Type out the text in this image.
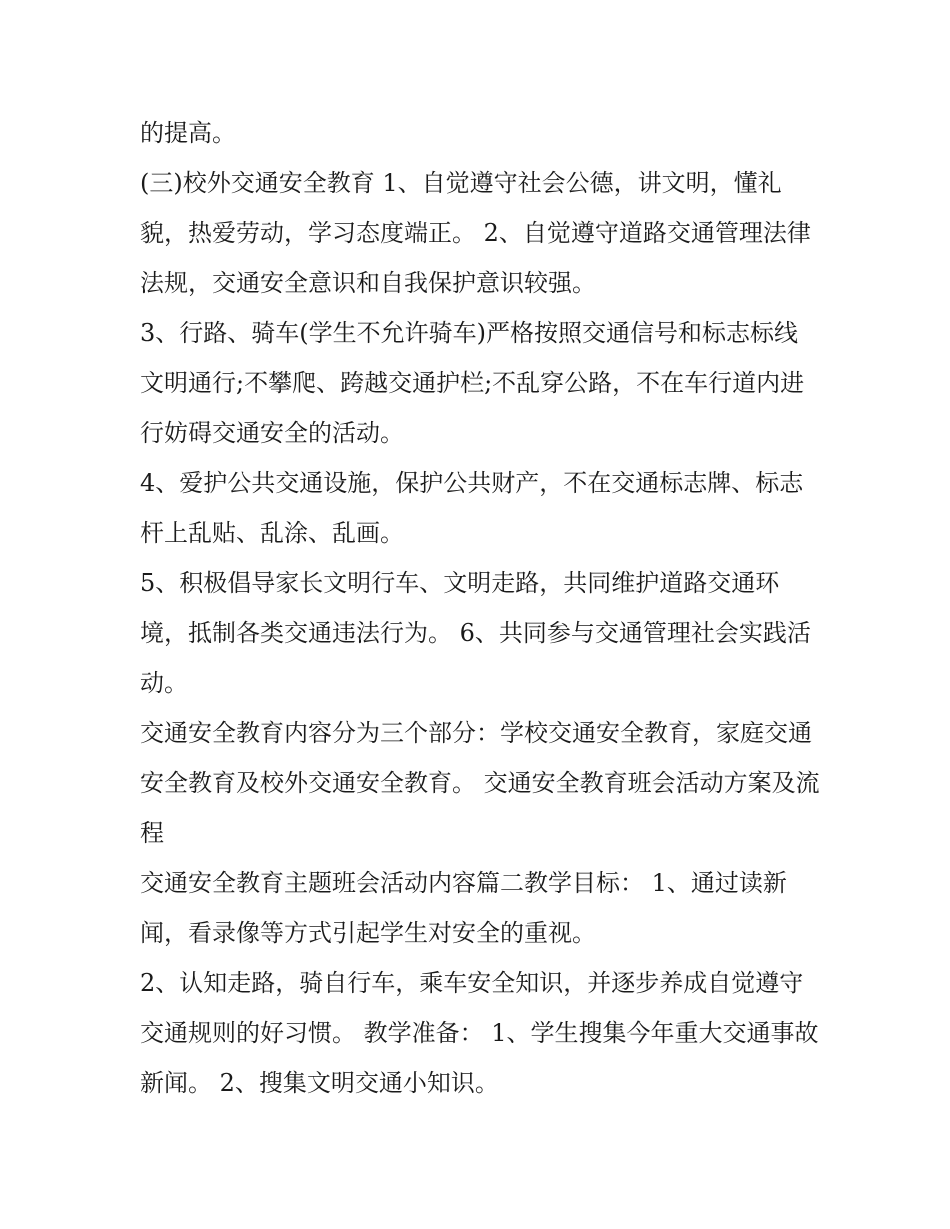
的提高。

(三)校外交通安全教育 1、自觉遵守社会公德，讲文明，懂礼貌，热爱劳动，学习态度端正。 2、自觉遵守道路交通管理法律法规，交通安全意识和自我保护意识较强。

3、行路、骑车(学生不允许骑车)严格按照交通信号和标志标线文明通行;不攀爬、跨越交通护栏;不乱穿公路，不在车行道内进行妨碍交通安全的活动。

4、爱护公共交通设施，保护公共财产，不在交通标志牌、标志杆上乱贴、乱涂、乱画。

5、积极倡导家长文明行车、文明走路，共同维护道路交通环境，抵制各类交通违法行为。 6、共同参与交通管理社会实践活动。

交通安全教育内容分为三个部分：学校交通安全教育，家庭交通安全教育及校外交通安全教育。 交通安全教育班会活动方案及流程

交通安全教育主题班会活动内容篇二教学目标： 1、通过读新闻，看录像等方式引起学生对安全的重视。

2、认知走路，骑自行车，乘车安全知识，并逐步养成自觉遵守交通规则的好习惯。 教学准备： 1、学生搜集今年重大交通事故新闻。 2、搜集文明交通小知识。
